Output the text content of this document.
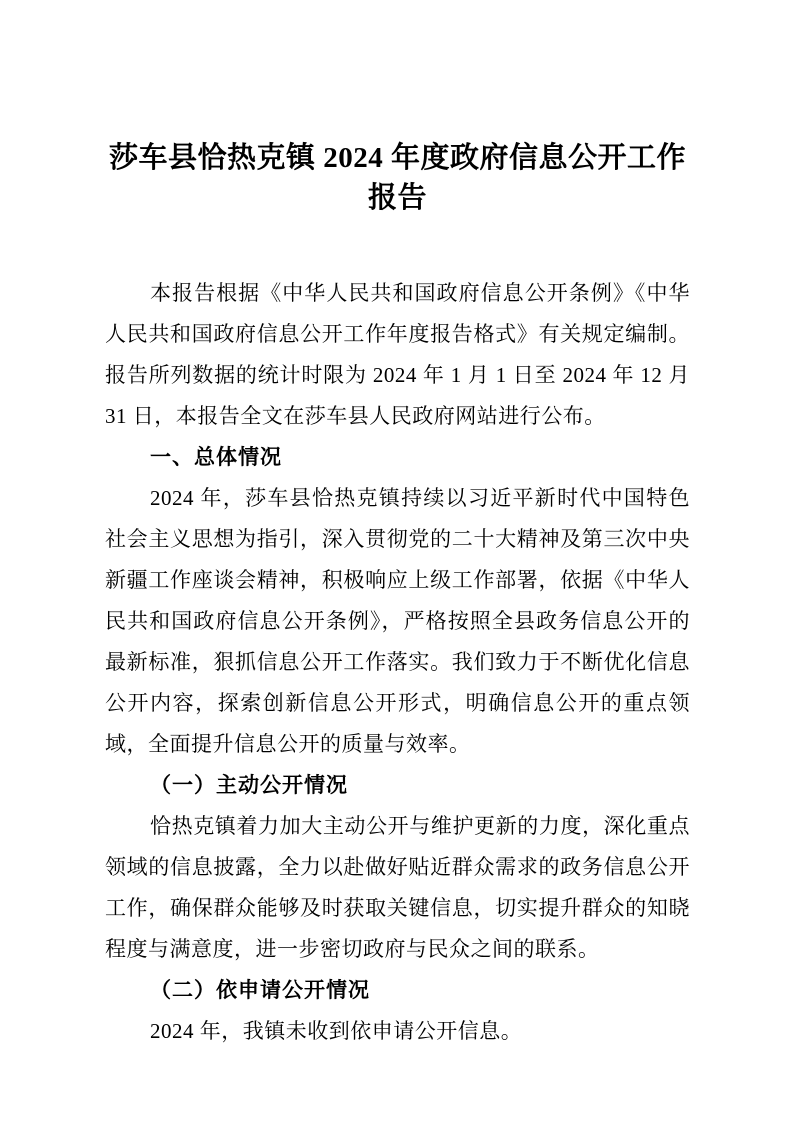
莎车县恰热克镇 2024 年度政府信息公开工作报告

本报告根据《中华人民共和国政府信息公开条例》《中华人民共和国政府信息公开工作年度报告格式》有关规定编制。报告所列数据的统计时限为 2024 年 1 月 1 日至 2024 年 12 月 31 日，本报告全文在莎车县人民政府网站进行公布。

一、总体情况

2024 年，莎车县恰热克镇持续以习近平新时代中国特色社会主义思想为指引，深入贯彻党的二十大精神及第三次中央新疆工作座谈会精神，积极响应上级工作部署，依据《中华人民共和国政府信息公开条例》，严格按照全县政务信息公开的最新标准，狠抓信息公开工作落实。我们致力于不断优化信息公开内容，探索创新信息公开形式，明确信息公开的重点领域，全面提升信息公开的质量与效率。

（一）主动公开情况

恰热克镇着力加大主动公开与维护更新的力度，深化重点领域的信息披露，全力以赴做好贴近群众需求的政务信息公开工作，确保群众能够及时获取关键信息，切实提升群众的知晓程度与满意度，进一步密切政府与民众之间的联系。

（二）依申请公开情况

2024 年，我镇未收到依申请公开信息。
